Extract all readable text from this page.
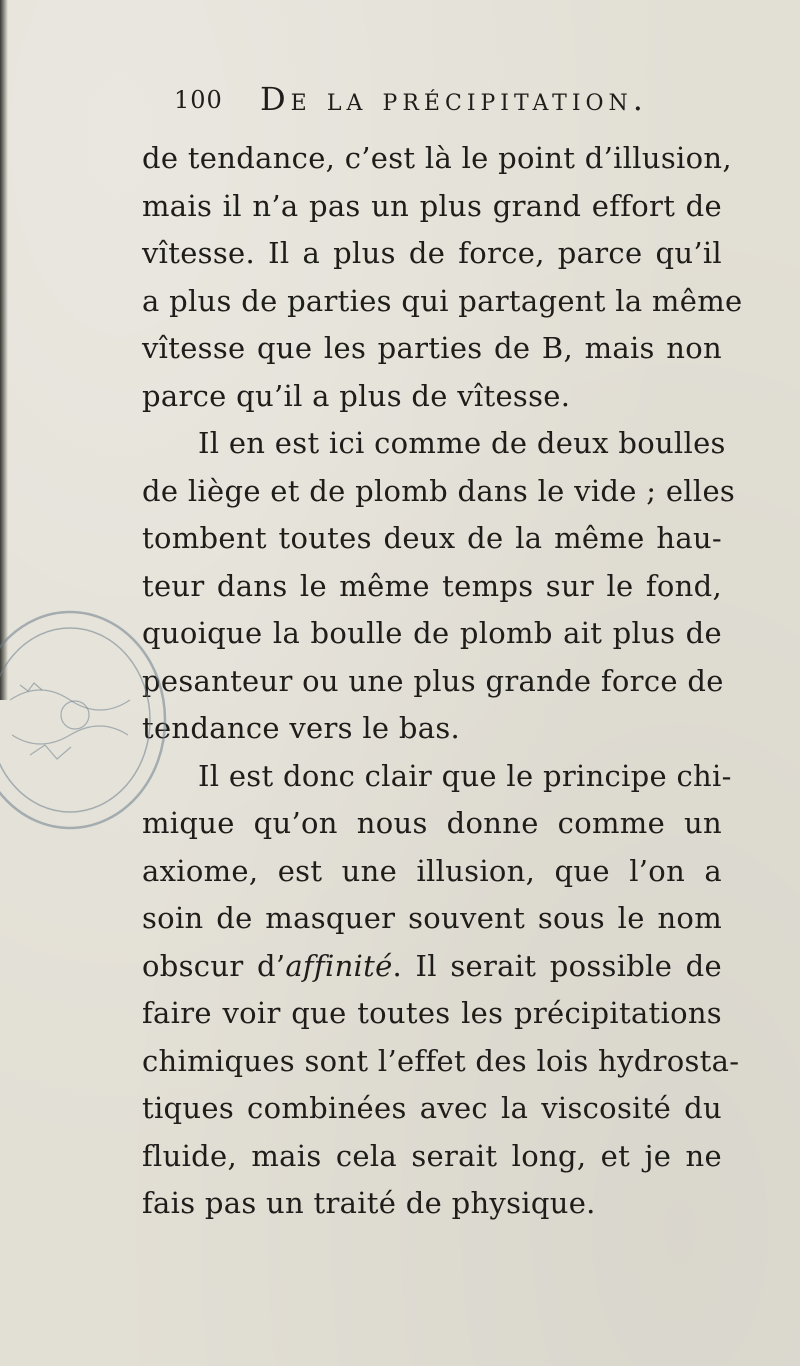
100 De la précipitation.
de tendance, c’est là le point d’illusion,
mais il n’a pas un plus grand effort de
vîtesse. Il a plus de force, parce qu’il
a plus de parties qui partagent la même
vîtesse que les parties de B, mais non
parce qu’il a plus de vîtesse.
Il en est ici comme de deux boulles
de liège et de plomb dans le vide ; elles
tombent toutes deux de la même hau-
teur dans le même temps sur le fond,
quoique la boulle de plomb ait plus de
pesanteur ou une plus grande force de
tendance vers le bas.
Il est donc clair que le principe chi-
mique qu’on nous donne comme un
axiome, est une illusion, que l’on a
soin de masquer souvent sous le nom
obscur d’affinité. Il serait possible de
faire voir que toutes les précipitations
chimiques sont l’effet des lois hydrosta-
tiques combinées avec la viscosité du
fluide, mais cela serait long, et je ne
fais pas un traité de physique.
